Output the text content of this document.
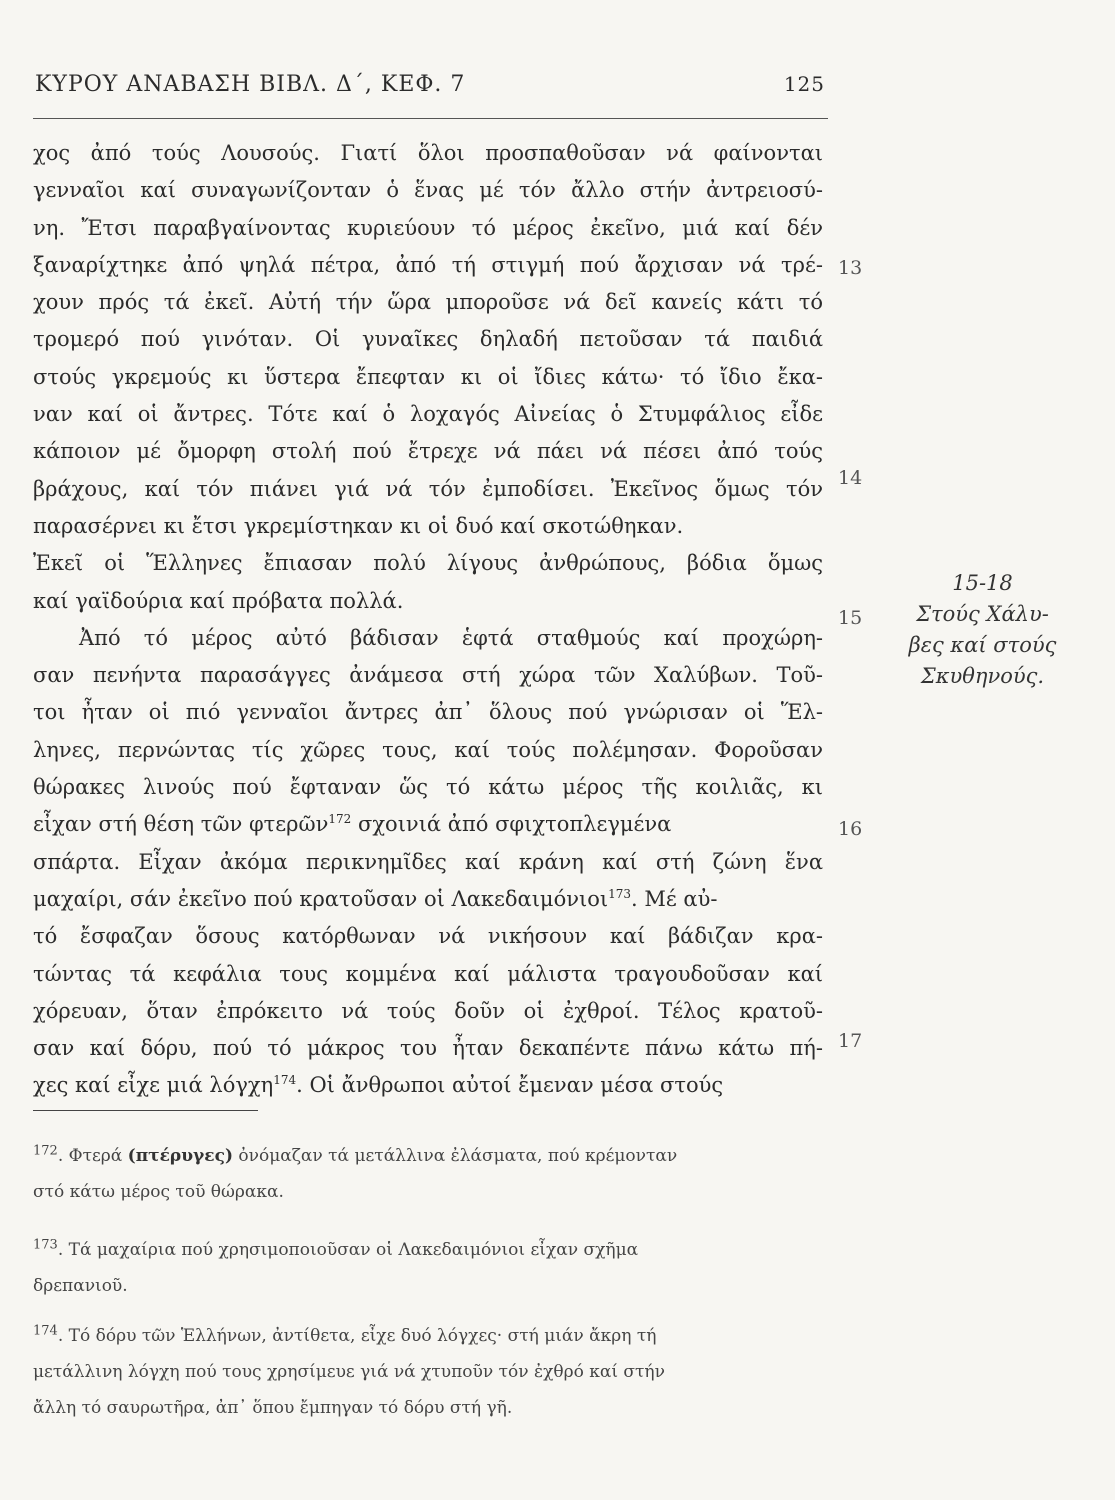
ΚΥΡΟΥ ΑΝΑΒΑΣΗ ΒΙΒΛ. Δ΄, ΚΕΦ. 7	125
χος ἀπό τούς Λουσούς. Γιατί ὅλοι προσπαθοῦσαν νά φαίνονται
γενναῖοι καί συναγωνίζονταν ὁ ἕνας μέ τόν ἄλλο στήν ἀντρειοσύ-
νη. Ἔτσι παραβγαίνοντας κυριεύουν τό μέρος ἐκεῖνο, μιά καί δέν
ξαναρίχτηκε ἀπό ψηλά πέτρα, ἀπό τή στιγμή πού ἄρχισαν νά τρέ-
χουν πρός τά ἐκεῖ. Αὐτή τήν ὥρα μποροῦσε νά δεῖ κανείς κάτι τό
τρομερό πού γινόταν. Οἱ γυναῖκες δηλαδή πετοῦσαν τά παιδιά
στούς γκρεμούς κι ὕστερα ἔπεφταν κι οἱ ἴδιες κάτω· τό ἴδιο ἔκα-
ναν καί οἱ ἄντρες. Τότε καί ὁ λοχαγός Αἰνείας ὁ Στυμφάλιος εἶδε
κάποιον μέ ὄμορφη στολή πού ἔτρεχε νά πάει νά πέσει ἀπό τούς
βράχους, καί τόν πιάνει γιά νά τόν ἐμποδίσει. Ἐκεῖνος ὅμως τόν
παρασέρνει κι ἔτσι γκρεμίστηκαν κι οἱ δυό καί σκοτώθηκαν.
Ἐκεῖ οἱ Ἕλληνες ἔπιασαν πολύ λίγους ἀνθρώπους, βόδια ὅμως
καί γαϊδούρια καί πρόβατα πολλά.
Ἀπό τό μέρος αὐτό βάδισαν ἑφτά σταθμούς καί προχώρη-
σαν πενήντα παρασάγγες ἀνάμεσα στή χώρα τῶν Χαλύβων. Τοῦ-
τοι ἦταν οἱ πιό γενναῖοι ἄντρες ἀπ᾽ ὅλους πού γνώρισαν οἱ Ἕλ-
ληνες, περνώντας τίς χῶρες τους, καί τούς πολέμησαν. Φοροῦσαν
θώρακες λινούς πού ἔφταναν ὥς τό κάτω μέρος τῆς κοιλιᾶς, κι
εἶχαν στή θέση τῶν φτερῶν$^{172}$ σχοινιά ἀπό σφιχτοπλεγμένα
σπάρτα. Εἶχαν ἀκόμα περικνημῖδες καί κράνη καί στή ζώνη ἕνα
μαχαίρι, σάν ἐκεῖνο πού κρατοῦσαν οἱ Λακεδαιμόνιοι$^{173}$. Μέ αὐ-
τό ἔσφαζαν ὅσους κατόρθωναν νά νικήσουν καί βάδιζαν κρα-
τώντας τά κεφάλια τους κομμένα καί μάλιστα τραγουδοῦσαν καί
χόρευαν, ὅταν ἐπρόκειτο νά τούς δοῦν οἱ ἐχθροί. Τέλος κρατοῦ-
σαν καί δόρυ, πού τό μάκρος του ἦταν δεκαπέντε πάνω κάτω πή-
χες καί εἶχε μιά λόγχη$^{174}$. Οἱ ἄνθρωποι αὐτοί ἔμεναν μέσα στούς
13
14
15
16
17
15-18
Στούς Χάλυ-
βες καί στούς
Σκυθηνούς.
$^{172}$. Φτερά (πτέρυγες) ὀνόμαζαν τά μετάλλινα ἐλάσματα, πού κρέμονταν
στό κάτω μέρος τοῦ θώρακα.
$^{173}$. Τά μαχαίρια πού χρησιμοποιοῦσαν οἱ Λακεδαιμόνιοι εἶχαν σχῆμα
δρεπανιοῦ.
$^{174}$. Τό δόρυ τῶν Ἑλλήνων, ἀντίθετα, εἶχε δυό λόγχες· στή μιάν ἄκρη τή
μετάλλινη λόγχη πού τους χρησίμευε γιά νά χτυποῦν τόν ἐχθρό καί στήν
ἄλλη τό σαυρωτῆρα, ἀπ᾽ ὅπου ἔμπηγαν τό δόρυ στή γῆ.
